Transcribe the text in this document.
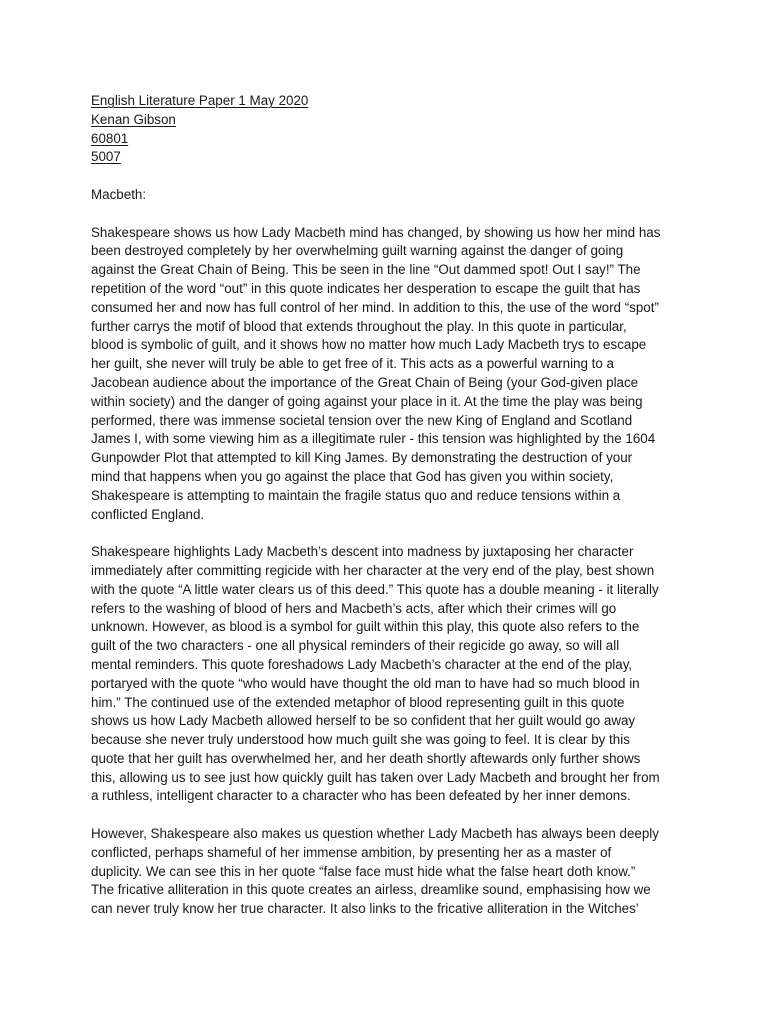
English Literature Paper 1 May 2020
Kenan Gibson
60801
5007

Macbeth:

Shakespeare shows us how Lady Macbeth mind has changed, by showing us how her mind has
been destroyed completely by her overwhelming guilt warning against the danger of going
against the Great Chain of Being. This be seen in the line “Out dammed spot! Out I say!” The
repetition of the word “out” in this quote indicates her desperation to escape the guilt that has
consumed her and now has full control of her mind. In addition to this, the use of the word “spot”
further carrys the motif of blood that extends throughout the play. In this quote in particular,
blood is symbolic of guilt, and it shows how no matter how much Lady Macbeth trys to escape
her guilt, she never will truly be able to get free of it. This acts as a powerful warning to a
Jacobean audience about the importance of the Great Chain of Being (your God-given place
within society) and the danger of going against your place in it. At the time the play was being
performed, there was immense societal tension over the new King of England and Scotland
James I, with some viewing him as a illegitimate ruler - this tension was highlighted by the 1604
Gunpowder Plot that attempted to kill King James. By demonstrating the destruction of your
mind that happens when you go against the place that God has given you within society,
Shakespeare is attempting to maintain the fragile status quo and reduce tensions within a
conflicted England.

Shakespeare highlights Lady Macbeth’s descent into madness by juxtaposing her character
immediately after committing regicide with her character at the very end of the play, best shown
with the quote “A little water clears us of this deed.” This quote has a double meaning - it literally
refers to the washing of blood of hers and Macbeth’s acts, after which their crimes will go
unknown. However, as blood is a symbol for guilt within this play, this quote also refers to the
guilt of the two characters - one all physical reminders of their regicide go away, so will all
mental reminders. This quote foreshadows Lady Macbeth’s character at the end of the play,
portaryed with the quote “who would have thought the old man to have had so much blood in
him.” The continued use of the extended metaphor of blood representing guilt in this quote
shows us how Lady Macbeth allowed herself to be so confident that her guilt would go away
because she never truly understood how much guilt she was going to feel. It is clear by this
quote that her guilt has overwhelmed her, and her death shortly aftewards only further shows
this, allowing us to see just how quickly guilt has taken over Lady Macbeth and brought her from
a ruthless, intelligent character to a character who has been defeated by her inner demons.

However, Shakespeare also makes us question whether Lady Macbeth has always been deeply
conflicted, perhaps shameful of her immense ambition, by presenting her as a master of
duplicity. We can see this in her quote “false face must hide what the false heart doth know.”
The fricative alliteration in this quote creates an airless, dreamlike sound, emphasising how we
can never truly know her true character. It also links to the fricative alliteration in the Witches’
